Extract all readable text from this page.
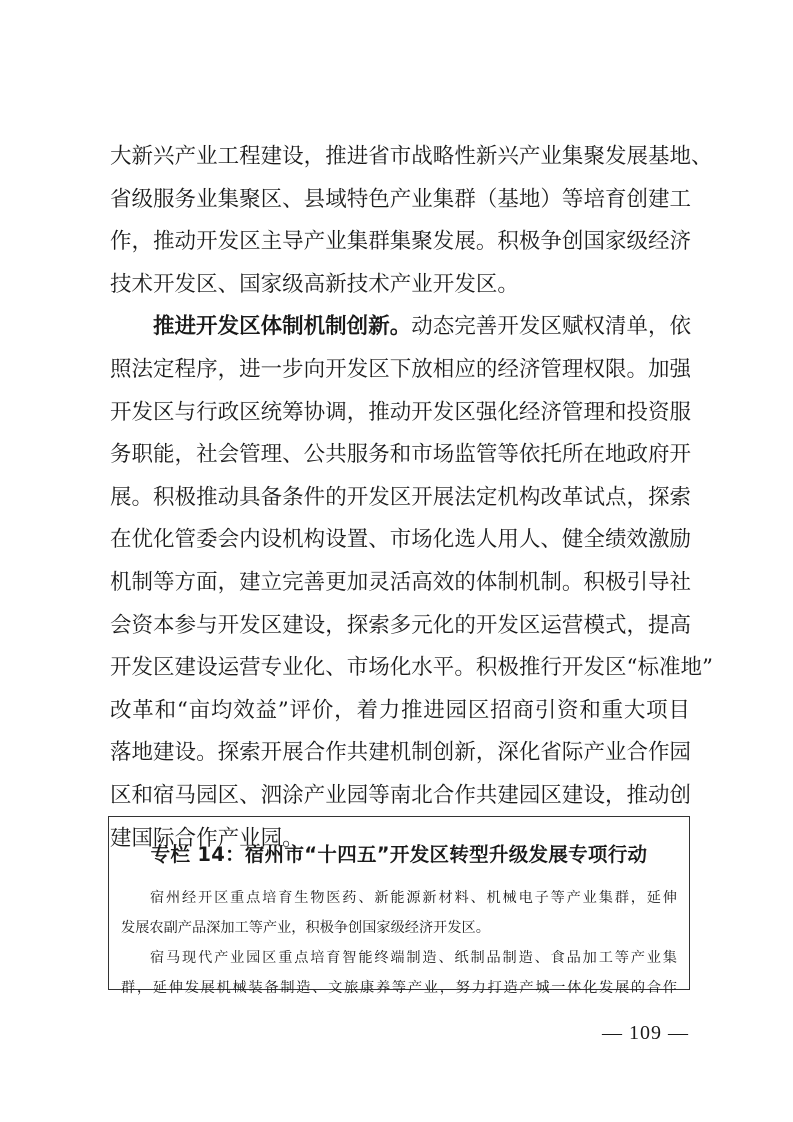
大新兴产业工程建设，推进省市战略性新兴产业集聚发展基地、
省级服务业集聚区、县域特色产业集群（基地）等培育创建工
作，推动开发区主导产业集群集聚发展。积极争创国家级经济
技术开发区、国家级高新技术产业开发区。
推进开发区体制机制创新。动态完善开发区赋权清单，依
照法定程序，进一步向开发区下放相应的经济管理权限。加强
开发区与行政区统筹协调，推动开发区强化经济管理和投资服
务职能，社会管理、公共服务和市场监管等依托所在地政府开
展。积极推动具备条件的开发区开展法定机构改革试点，探索
在优化管委会内设机构设置、市场化选人用人、健全绩效激励
机制等方面，建立完善更加灵活高效的体制机制。积极引导社
会资本参与开发区建设，探索多元化的开发区运营模式，提高
开发区建设运营专业化、市场化水平。积极推行开发区“标准地”
改革和“亩均效益”评价，着力推进园区招商引资和重大项目
落地建设。探索开展合作共建机制创新，深化省际产业合作园
区和宿马园区、泗涂产业园等南北合作共建园区建设，推动创
建国际合作产业园。
专栏 14：宿州市“十四五”开发区转型升级发展专项行动
宿州经开区重点培育生物医药、新能源新材料、机械电子等产业集群，延伸
发展农副产品深加工等产业，积极争创国家级经济开发区。
宿马现代产业园区重点培育智能终端制造、纸制品制造、食品加工等产业集
群，延伸发展机械装备制造、文旅康养等产业，努力打造产城一体化发展的合作
— 109 —
